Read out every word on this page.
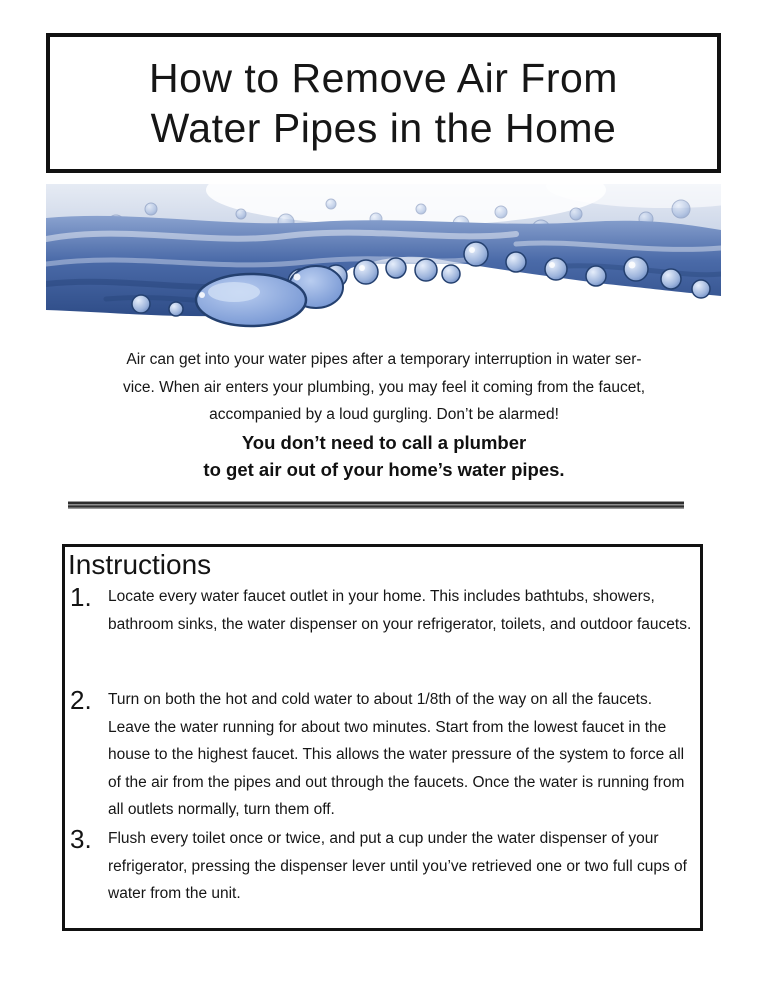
How to Remove Air From
Water Pipes in the Home
Air can get into your water pipes after a temporary interruption in water ser-
vice. When air enters your plumbing, you may feel it coming from the faucet,
accompanied by a loud gurgling. Don’t be alarmed!
You don’t need to call a plumber
to get air out of your home’s water pipes.
Instructions
1.	Locate every water faucet outlet in your home. This includes bathtubs, showers, bathroom sinks, the water dispenser on your refrigerator, toilets, and outdoor faucets.
2.	Turn on both the hot and cold water to about 1/8th of the way on all the faucets. Leave the water running for about two minutes. Start from the lowest faucet in the house to the highest faucet. This allows the water pressure of the system to force all of the air from the pipes and out through the faucets. Once the water is running from all outlets normally, turn them off.
3.	Flush every toilet once or twice, and put a cup under the water dispenser of your refrigerator, pressing the dispenser lever until you’ve retrieved one or two full cups of water from the unit.
